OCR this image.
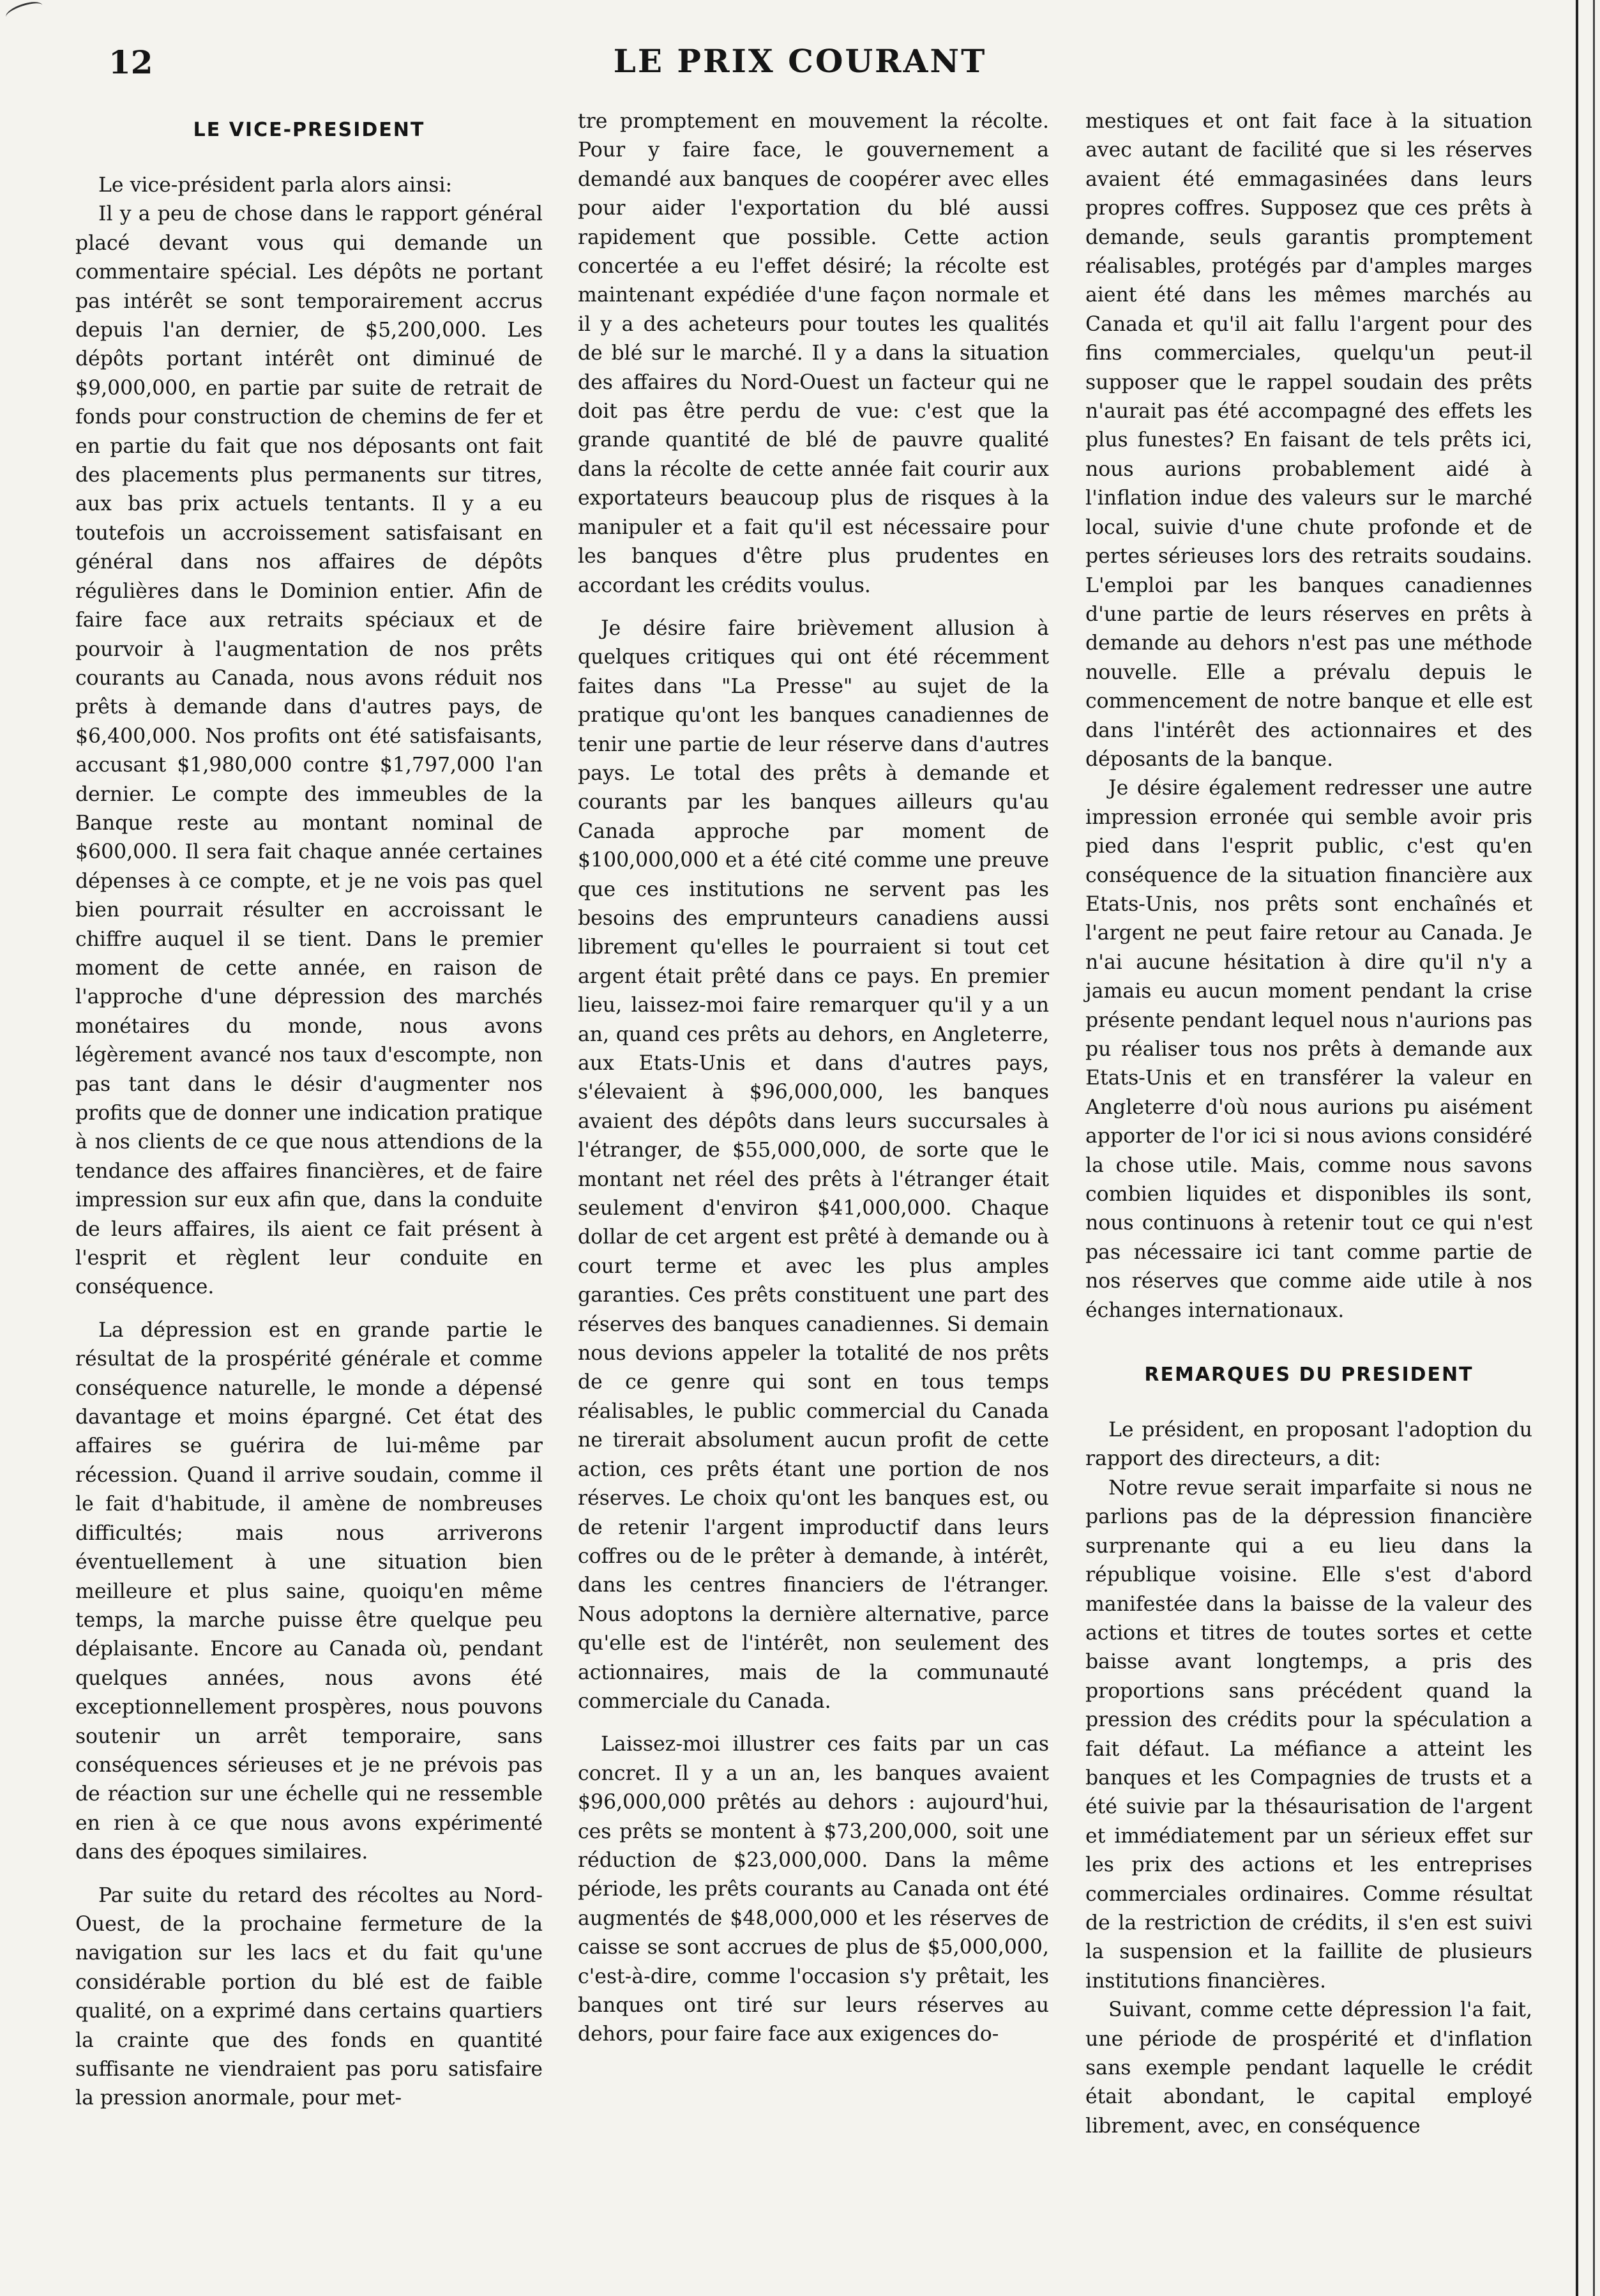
12	LE PRIX COURANT
LE VICE-PRESIDENT

Le vice-président parla alors ainsi:

Il y a peu de chose dans le rapport général placé devant vous qui demande un commentaire spécial. Les dépôts ne portant pas intérêt se sont temporairement accrus depuis l'an dernier, de $5,200,000. Les dépôts portant intérêt ont diminué de $9,000,000, en partie par suite de retrait de fonds pour construction de chemins de fer et en partie du fait que nos déposants ont fait des placements plus permanents sur titres, aux bas prix actuels tentants. Il y a eu toutefois un accroissement satisfaisant en général dans nos affaires de dépôts régulières dans le Dominion entier. Afin de faire face aux retraits spéciaux et de pourvoir à l'augmentation de nos prêts courants au Canada, nous avons réduit nos prêts à demande dans d'autres pays, de $6,400,000. Nos profits ont été satisfaisants, accusant $1,980,000 contre $1,797,000 l'an dernier. Le compte des immeubles de la Banque reste au montant nominal de $600,000. Il sera fait chaque année certaines dépenses à ce compte, et je ne vois pas quel bien pourrait résulter en accroissant le chiffre auquel il se tient. Dans le premier moment de cette année, en raison de l'approche d'une dépression des marchés monétaires du monde, nous avons légèrement avancé nos taux d'escompte, non pas tant dans le désir d'augmenter nos profits que de donner une indication pratique à nos clients de ce que nous attendions de la tendance des affaires financières, et de faire impression sur eux afin que, dans la conduite de leurs affaires, ils aient ce fait présent à l'esprit et règlent leur conduite en conséquence.

La dépression est en grande partie le résultat de la prospérité générale et comme conséquence naturelle, le monde a dépensé davantage et moins épargné. Cet état des affaires se guérira de lui-même par récession. Quand il arrive soudain, comme il le fait d'habitude, il amène de nombreuses difficultés; mais nous arriverons éventuellement à une situation bien meilleure et plus saine, quoiqu'en même temps, la marche puisse être quelque peu déplaisante. Encore au Canada où, pendant quelques années, nous avons été exceptionnellement prospères, nous pouvons soutenir un arrêt temporaire, sans conséquences sérieuses et je ne prévois pas de réaction sur une échelle qui ne ressemble en rien à ce que nous avons expérimenté dans des époques similaires.

Par suite du retard des récoltes au Nord-Ouest, de la prochaine fermeture de la navigation sur les lacs et du fait qu'une considérable portion du blé est de faible qualité, on a exprimé dans certains quartiers la crainte que des fonds en quantité suffisante ne viendraient pas poru satisfaire la pression anormale, pour met-

tre promptement en mouvement la récolte. Pour y faire face, le gouvernement a demandé aux banques de coopérer avec elles pour aider l'exportation du blé aussi rapidement que possible. Cette action concertée a eu l'effet désiré; la récolte est maintenant expédiée d'une façon normale et il y a des acheteurs pour toutes les qualités de blé sur le marché. Il y a dans la situation des affaires du Nord-Ouest un facteur qui ne doit pas être perdu de vue: c'est que la grande quantité de blé de pauvre qualité dans la récolte de cette année fait courir aux exportateurs beaucoup plus de risques à la manipuler et a fait qu'il est nécessaire pour les banques d'être plus prudentes en accordant les crédits voulus.

Je désire faire brièvement allusion à quelques critiques qui ont été récemment faites dans "La Presse" au sujet de la pratique qu'ont les banques canadiennes de tenir une partie de leur réserve dans d'autres pays. Le total des prêts à demande et courants par les banques ailleurs qu'au Canada approche par moment de $100,000,000 et a été cité comme une preuve que ces institutions ne servent pas les besoins des emprunteurs canadiens aussi librement qu'elles le pourraient si tout cet argent était prêté dans ce pays. En premier lieu, laissez-moi faire remarquer qu'il y a un an, quand ces prêts au dehors, en Angleterre, aux Etats-Unis et dans d'autres pays, s'élevaient à $96,000,000, les banques avaient des dépôts dans leurs succursales à l'étranger, de $55,000,000, de sorte que le montant net réel des prêts à l'étranger était seulement d'environ $41,000,000. Chaque dollar de cet argent est prêté à demande ou à court terme et avec les plus amples garanties. Ces prêts constituent une part des réserves des banques canadiennes. Si demain nous devions appeler la totalité de nos prêts de ce genre qui sont en tous temps réalisables, le public commercial du Canada ne tirerait absolument aucun profit de cette action, ces prêts étant une portion de nos réserves. Le choix qu'ont les banques est, ou de retenir l'argent improductif dans leurs coffres ou de le prêter à demande, à intérêt, dans les centres financiers de l'étranger. Nous adoptons la dernière alternative, parce qu'elle est de l'intérêt, non seulement des actionnaires, mais de la communauté commerciale du Canada.

Laissez-moi illustrer ces faits par un cas concret. Il y a un an, les banques avaient $96,000,000 prêtés au dehors : aujourd'hui, ces prêts se montent à $73,200,000, soit une réduction de $23,000,000. Dans la même période, les prêts courants au Canada ont été augmentés de $48,000,000 et les réserves de caisse se sont accrues de plus de $5,000,000, c'est-à-dire, comme l'occasion s'y prêtait, les banques ont tiré sur leurs réserves au dehors, pour faire face aux exigences do-

mestiques et ont fait face à la situation avec autant de facilité que si les réserves avaient été emmagasinées dans leurs propres coffres. Supposez que ces prêts à demande, seuls garantis promptement réalisables, protégés par d'amples marges aient été dans les mêmes marchés au Canada et qu'il ait fallu l'argent pour des fins commerciales, quelqu'un peut-il supposer que le rappel soudain des prêts n'aurait pas été accompagné des effets les plus funestes? En faisant de tels prêts ici, nous aurions probablement aidé à l'inflation indue des valeurs sur le marché local, suivie d'une chute profonde et de pertes sérieuses lors des retraits soudains. L'emploi par les banques canadiennes d'une partie de leurs réserves en prêts à demande au dehors n'est pas une méthode nouvelle. Elle a prévalu depuis le commencement de notre banque et elle est dans l'intérêt des actionnaires et des déposants de la banque.

Je désire également redresser une autre impression erronée qui semble avoir pris pied dans l'esprit public, c'est qu'en conséquence de la situation financière aux Etats-Unis, nos prêts sont enchaînés et l'argent ne peut faire retour au Canada. Je n'ai aucune hésitation à dire qu'il n'y a jamais eu aucun moment pendant la crise présente pendant lequel nous n'aurions pas pu réaliser tous nos prêts à demande aux Etats-Unis et en transférer la valeur en Angleterre d'où nous aurions pu aisément apporter de l'or ici si nous avions considéré la chose utile. Mais, comme nous savons combien liquides et disponibles ils sont, nous continuons à retenir tout ce qui n'est pas nécessaire ici tant comme partie de nos réserves que comme aide utile à nos échanges internationaux.

REMARQUES DU PRESIDENT

Le président, en proposant l'adoption du rapport des directeurs, a dit:

Notre revue serait imparfaite si nous ne parlions pas de la dépression financière surprenante qui a eu lieu dans la république voisine. Elle s'est d'abord manifestée dans la baisse de la valeur des actions et titres de toutes sortes et cette baisse avant longtemps, a pris des proportions sans précédent quand la pression des crédits pour la spéculation a fait défaut. La méfiance a atteint les banques et les Compagnies de trusts et a été suivie par la thésaurisation de l'argent et immédiatement par un sérieux effet sur les prix des actions et les entreprises commerciales ordinaires. Comme résultat de la restriction de crédits, il s'en est suivi la suspension et la faillite de plusieurs institutions financières.

Suivant, comme cette dépression l'a fait, une période de prospérité et d'inflation sans exemple pendant laquelle le crédit était abondant, le capital employé librement, avec, en conséquence
